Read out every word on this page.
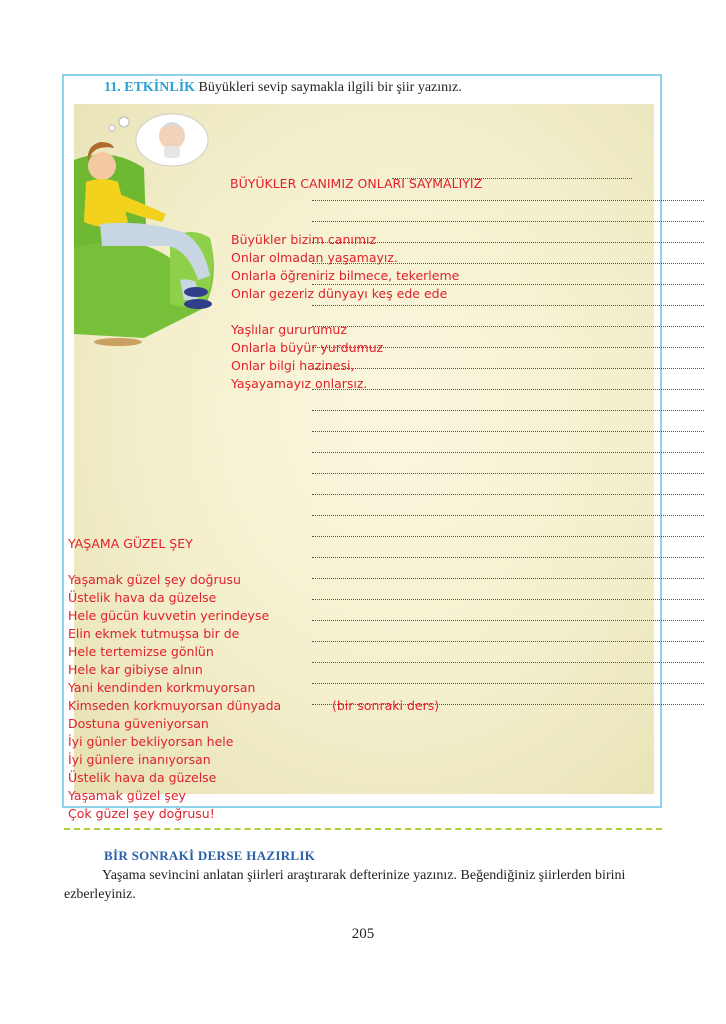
11. ETKİNLİK Büyükleri sevip saymakla ilgili bir şiir yazınız.
BÜYÜKLER CANIMIZ ONLARI SAYMALIYIZ
Büyükler bizim canımız
Onlar olmadan yaşamayız.
Onlarla öğreniriz bilmece, tekerleme
Onlar gezeriz dünyayı keş ede ede
Yaşlılar gururumuz
Onlarla büyür yurdumuz
Onlar bilgi hazinesi,
Yaşayamayız onlarsız.
YAŞAMA GÜZEL ŞEY
Yaşamak güzel şey doğrusu
Üstelik hava da güzelse
Hele gücün kuvvetin yerindeyse
Elin ekmek tutmuşsa bir de
Hele tertemizse gönlün
Hele kar gibiyse alnın
Yani kendinden korkmuyorsan
Kimseden korkmuyorsan dünyada	(bir sonraki ders)
Dostuna güveniyorsan
İyi günler bekliyorsan hele
İyi günlere inanıyorsan
Üstelik hava da güzelse
Yaşamak güzel şey
Çok güzel şey doğrusu!
BİR SONRAKİ DERSE HAZIRLIK
Yaşama sevincini anlatan şiirleri araştırarak defterinize yazınız. Beğendiğiniz şiirlerden birini ezberleyiniz.
205
